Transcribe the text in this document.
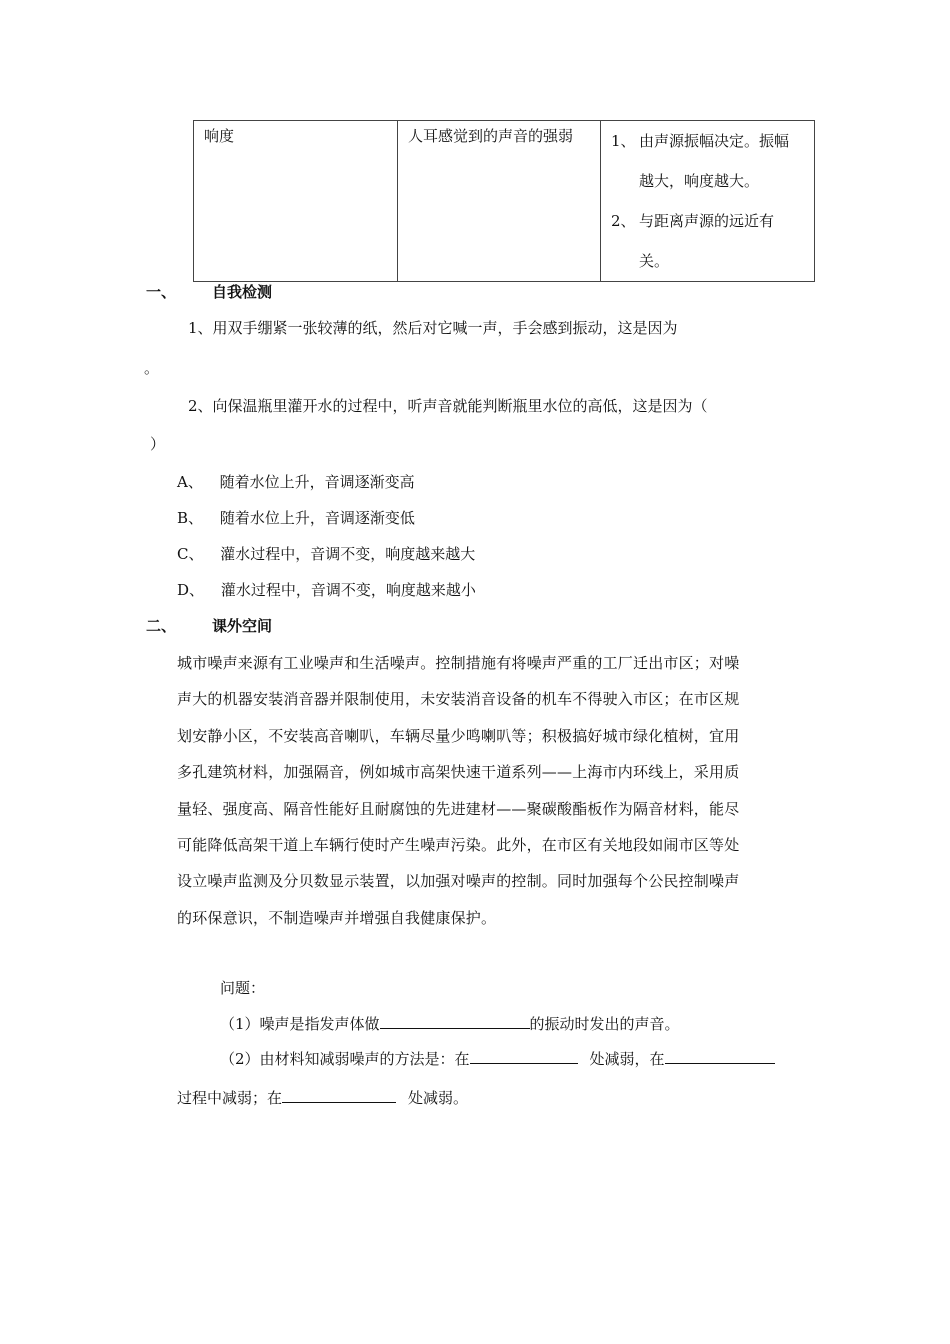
响度	人耳感觉到的声音的强弱	1、 由声源振幅决定。振幅
越大，响度越大。
2、 与距离声源的远近有
关。
一、 自我检测
1、用双手绷紧一张较薄的纸，然后对它喊一声，手会感到振动，这是因为
。
2、向保温瓶里灌开水的过程中，听声音就能判断瓶里水位的高低，这是因为（
）
A、 随着水位上升，音调逐渐变高
B、 随着水位上升，音调逐渐变低
C、 灌水过程中，音调不变，响度越来越大
D、 灌水过程中，音调不变，响度越来越小
二、 课外空间
城市噪声来源有工业噪声和生活噪声。控制措施有将噪声严重的工厂迁出市区；对噪
声大的机器安装消音器并限制使用，未安装消音设备的机车不得驶入市区；在市区规
划安静小区，不安装高音喇叭，车辆尽量少鸣喇叭等；积极搞好城市绿化植树，宜用
多孔建筑材料，加强隔音，例如城市高架快速干道系列——上海市内环线上，采用质
量轻、强度高、隔音性能好且耐腐蚀的先进建材——聚碳酸酯板作为隔音材料，能尽
可能降低高架干道上车辆行使时产生噪声污染。此外，在市区有关地段如闹市区等处
设立噪声监测及分贝数显示装置，以加强对噪声的控制。同时加强每个公民控制噪声
的环保意识，不制造噪声并增强自我健康保护。
问题：
（1）噪声是指发声体做	的振动时发出的声音。
（2）由材料知减弱噪声的方法是：在	处减弱，在
过程中减弱；在	处减弱。
